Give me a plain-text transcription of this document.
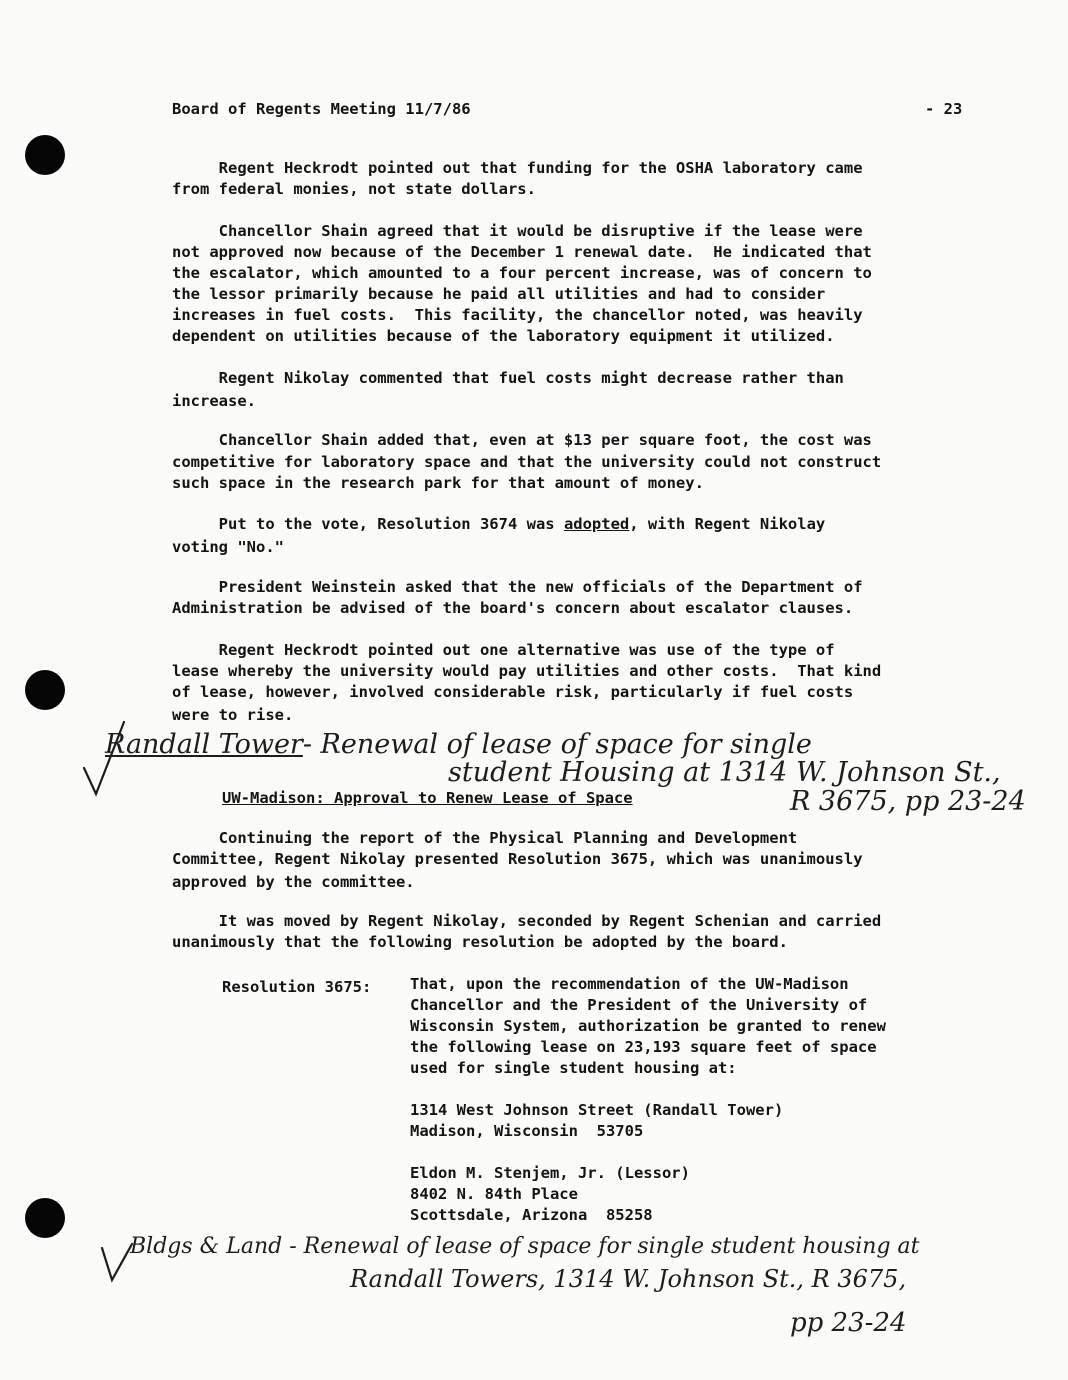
Board of Regents Meeting 11/7/86	- 23
Regent Heckrodt pointed out that funding for the OSHA laboratory came
from federal monies, not state dollars.
Chancellor Shain agreed that it would be disruptive if the lease were
not approved now because of the December 1 renewal date.  He indicated that
the escalator, which amounted to a four percent increase, was of concern to
the lessor primarily because he paid all utilities and had to consider
increases in fuel costs.  This facility, the chancellor noted, was heavily
dependent on utilities because of the laboratory equipment it utilized.
Regent Nikolay commented that fuel costs might decrease rather than
increase.
Chancellor Shain added that, even at $13 per square foot, the cost was
competitive for laboratory space and that the university could not construct
such space in the research park for that amount of money.
Put to the vote, Resolution 3674 was adopted, with Regent Nikolay
voting "No."
President Weinstein asked that the new officials of the Department of
Administration be advised of the board's concern about escalator clauses.
Regent Heckrodt pointed out one alternative was use of the type of
lease whereby the university would pay utilities and other costs.  That kind
of lease, however, involved considerable risk, particularly if fuel costs
were to rise.
Randall Tower- Renewal of lease of space for single
student Housing at 1314 W. Johnson St.,
R 3675, pp 23-24
UW-Madison: Approval to Renew Lease of Space
Continuing the report of the Physical Planning and Development
Committee, Regent Nikolay presented Resolution 3675, which was unanimously
approved by the committee.
It was moved by Regent Nikolay, seconded by Regent Schenian and carried
unanimously that the following resolution be adopted by the board.
Resolution 3675: That, upon the recommendation of the UW-Madison
Chancellor and the President of the University of
Wisconsin System, authorization be granted to renew
the following lease on 23,193 square feet of space
used for single student housing at:
1314 West Johnson Street (Randall Tower)
Madison, Wisconsin  53705
Eldon M. Stenjem, Jr. (Lessor)
8402 N. 84th Place
Scottsdale, Arizona  85258
Bldgs & Land - Renewal of lease of space for single student housing at
Randall Towers, 1314 W. Johnson St., R 3675,
pp 23-24
